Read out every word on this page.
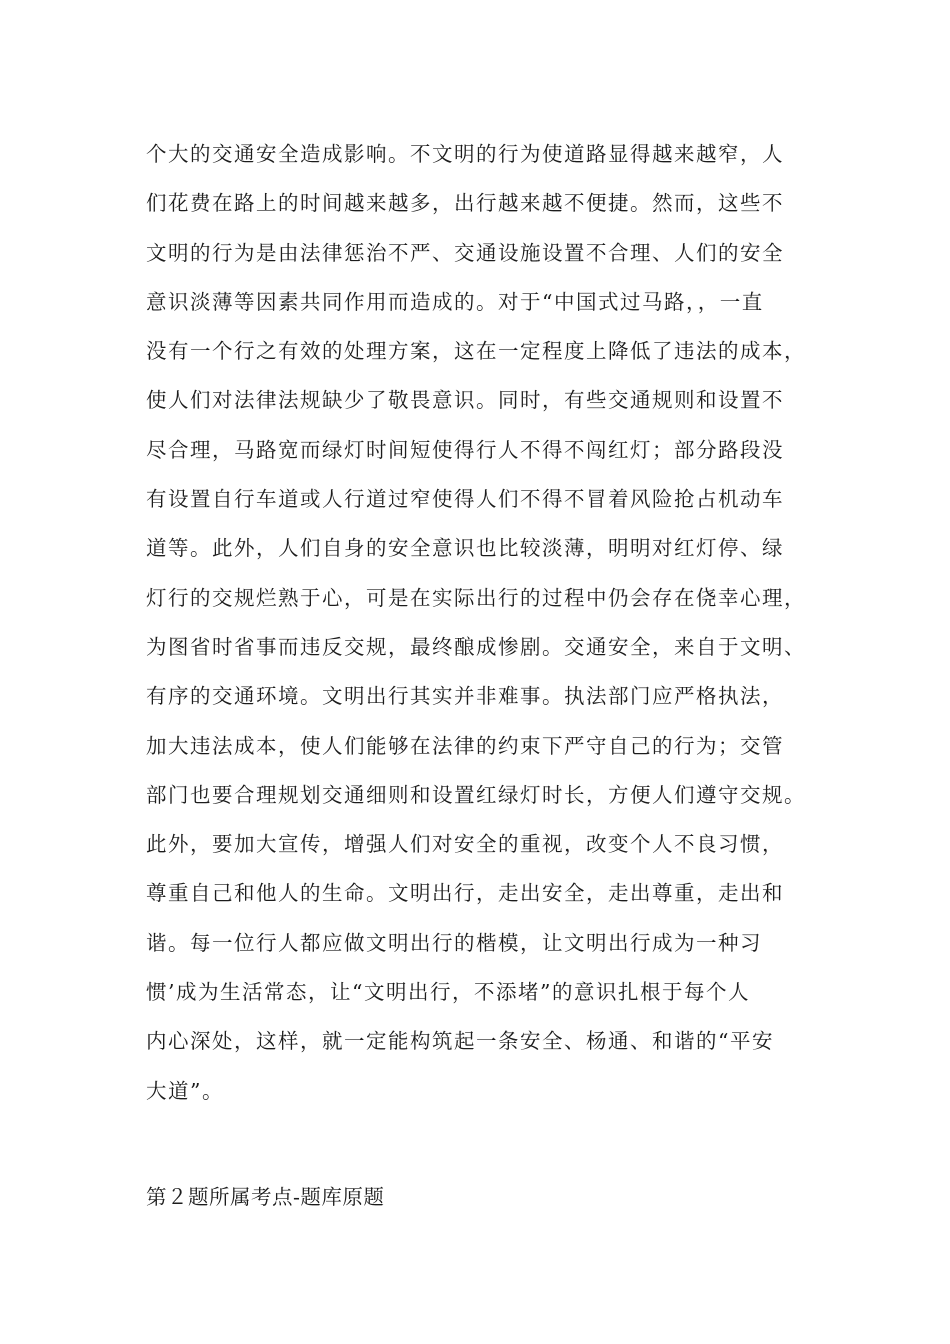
个大的交通安全造成影响。不文明的行为使道路显得越来越窄，人
们花费在路上的时间越来越多，出行越来越不便捷。然而，这些不
文明的行为是由法律惩治不严、交通设施设置不合理、人们的安全
意识淡薄等因素共同作用而造成的。对于“中国式过马路，，一直
没有一个行之有效的处理方案，这在一定程度上降低了违法的成本，
使人们对法律法规缺少了敬畏意识。同时，有些交通规则和设置不
尽合理，马路宽而绿灯时间短使得行人不得不闯红灯；部分路段没
有设置自行车道或人行道过窄使得人们不得不冒着风险抢占机动车
道等。此外，人们自身的安全意识也比较淡薄，明明对红灯停、绿
灯行的交规烂熟于心，可是在实际出行的过程中仍会存在侥幸心理，
为图省时省事而违反交规，最终酿成惨剧。交通安全，来自于文明、
有序的交通环境。文明出行其实并非难事。执法部门应严格执法，
加大违法成本，使人们能够在法律的约束下严守自己的行为；交管
部门也要合理规划交通细则和设置红绿灯时长，方便人们遵守交规。
此外，要加大宣传，增强人们对安全的重视，改变个人不良习惯，
尊重自己和他人的生命。文明出行，走出安全，走出尊重，走出和
谐。每一位行人都应做文明出行的楷模，让文明出行成为一种习
惯’成为生活常态，让“文明出行，不添堵”的意识扎根于每个人
内心深处，这样，就一定能构筑起一条安全、杨通、和谐的“平安
大道”。
第２题所属考点-题库原题
